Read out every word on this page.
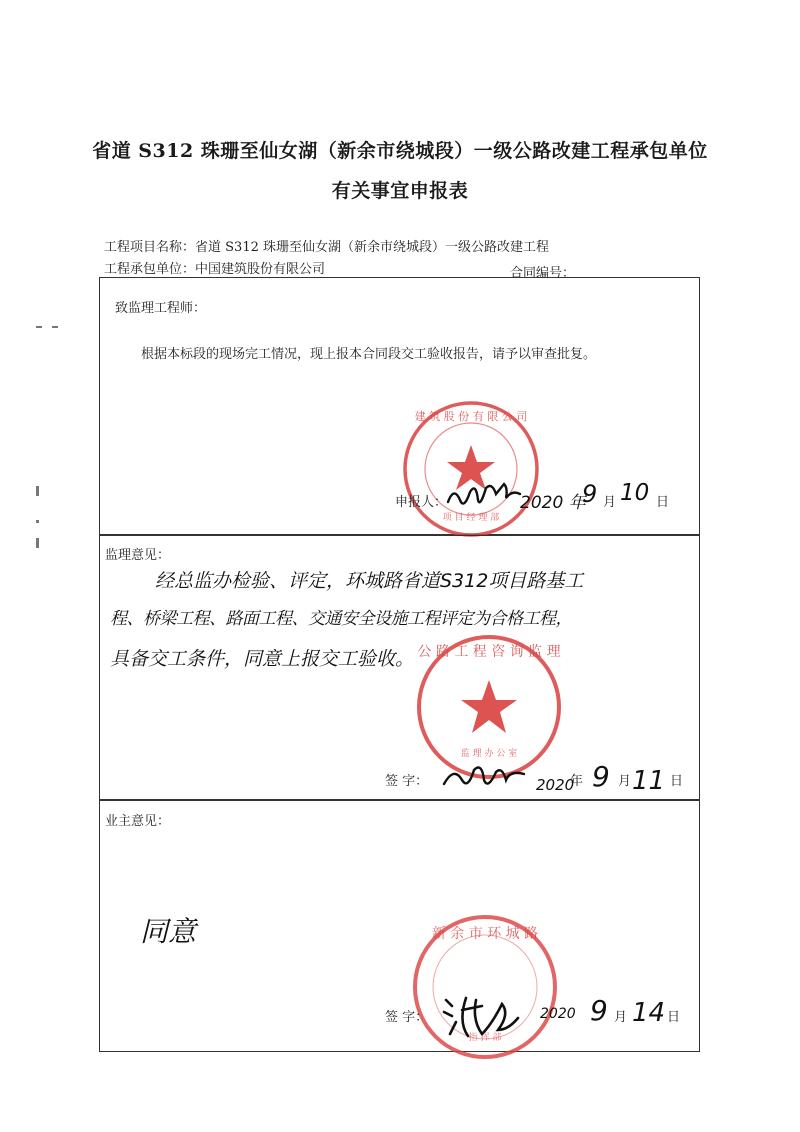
省道 S312 珠珊至仙女湖（新余市绕城段）一级公路改建工程承包单位
有关事宜申报表
工程项目名称：省道 S312 珠珊至仙女湖（新余市绕城段）一级公路改建工程
工程承包单位：中国建筑股份有限公司	合同编号：
致监理工程师：
根据本标段的现场完工情况，现上报本合同段交工验收报告，请予以审查批复。
建 筑 股 份 有 限 公 司
项 目 经 理 部
申报人：	2020 年
9 月 10 日
监理意见：
经总监办检验、评定，环城路省道S312项目路基工
程、桥梁工程、路面工程、交通安全设施工程评定为合格工程，
具备交工条件，同意上报交工验收。 公 路 工 程 咨 询 监 理
监 理 办 公 室
签 字：	2020
年 9 月 11 日
业主意见：
同意	新 余 市 环 城 路
指 挥 部
签 字：	2020 9 月 14 日
